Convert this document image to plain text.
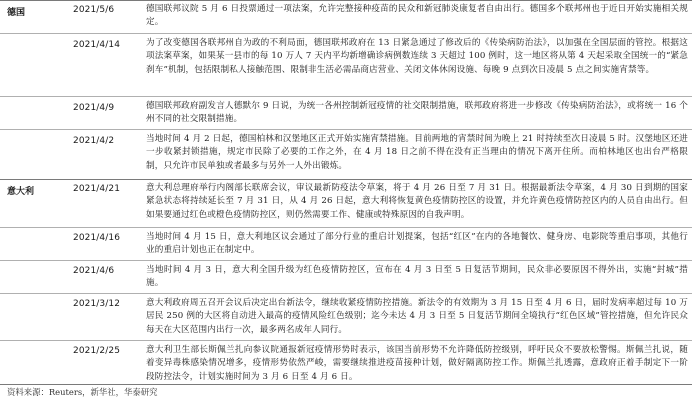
德国	2021/5/6	德国联邦议院 5 月 6 日投票通过一项法案，允许完整接种疫苗的民众和新冠肺炎康复者自由出行。德国多个联邦州也于近日开始实施相关规定。
2021/4/14	为了改变德国各联邦州自为政的不利局面，德国联邦政府在 13 日紧急通过了修改后的《传染病防治法》，以加强在全国层面的管控。根据这项法案草案，如果某一县市的每 10 万人 7 天内平均新增确诊病例数连续 3 天超过 100 例时，这一地区将从第 4 天起采取全国统一的“紧急刹车”机制，包括限制私人接触范围、限制非生活必需品商店营业、关闭文体休闲设施、每晚 9 点到次日凌晨 5 点之间实施宵禁等。
2021/4/9	德国联邦政府副发言人德默尔 9 日说，为统一各州控制新冠疫情的社交限制措施，联邦政府将进一步修改《传染病防治法》，或将统一 16 个州不同的社交限制措施。
2021/4/2	当地时间 4 月 2 日起，德国柏林和汉堡地区正式开始实施宵禁措施。目前两地的宵禁时间为晚上 21 时持续至次日凌晨 5 时。汉堡地区还进一步收紧封锁措施，规定市民除了必要的工作之外，在 4 月 18 日之前不得在没有正当理由的情况下离开住所。而柏林地区也出台严格限制，只允许市民单独或者最多与另外一人外出锻炼。
意大利	2021/4/21	意大利总理府举行内阁部长联席会议，审议最新防疫法令草案，将于 4 月 26 日至 7 月 31 日。根据最新法令草案，4 月 30 日到期的国家紧急状态将持续延长至 7 月 31 日，从 4 月 26 日起，意大利将恢复黄色疫情防控区的设置，并允许黄色疫情防控区内的人员自由出行。但如果要通过红色或橙色疫情防控区，则仍然需要工作、健康或特殊原因的自我声明。
2021/4/16	当地时间 4 月 15 日，意大利地区议会通过了部分行业的重启计划提案，包括“红区”在内的各地餐饮、健身房、电影院等重启事项，其他行业的重启计划也正在制定中。
2021/4/6	当地时间 4 月 3 日，意大利全国升级为红色疫情防控区，宣布在 4 月 3 日至 5 日复活节期间，民众非必要原因不得外出，实施“封城”措施。
2021/3/12	意大利政府周五召开会议后决定出台新法令，继续收紧疫情防控措施。新法令的有效期为 3 月 15 日至 4 月 6 日，届时发病率超过每 10 万居民 250 例的大区将自动进入最高的疫情风险红色级别；迄今未达 4 月 3 日至 5 日复活节期间全境执行“红色区域”管控措施，但允许民众每天在大区范围内出行一次，最多两名成年人同行。
2021/2/25	意大利卫生部长斯佩兰扎向参议院通报新冠疫情形势时表示，该国当前形势不允许降低防控级别，呼吁民众不要放松警惕。斯佩兰扎说，随着变异毒株感染情况增多，疫情形势依然严峻，需要继续推进疫苗接种计划，做好隔离防控工作。斯佩兰扎透露，意政府正着手制定下一阶段防控法令，计划实施时间为 3 月 6 日至 4 月 6 日。
资料来源：Reuters，新华社，华泰研究
